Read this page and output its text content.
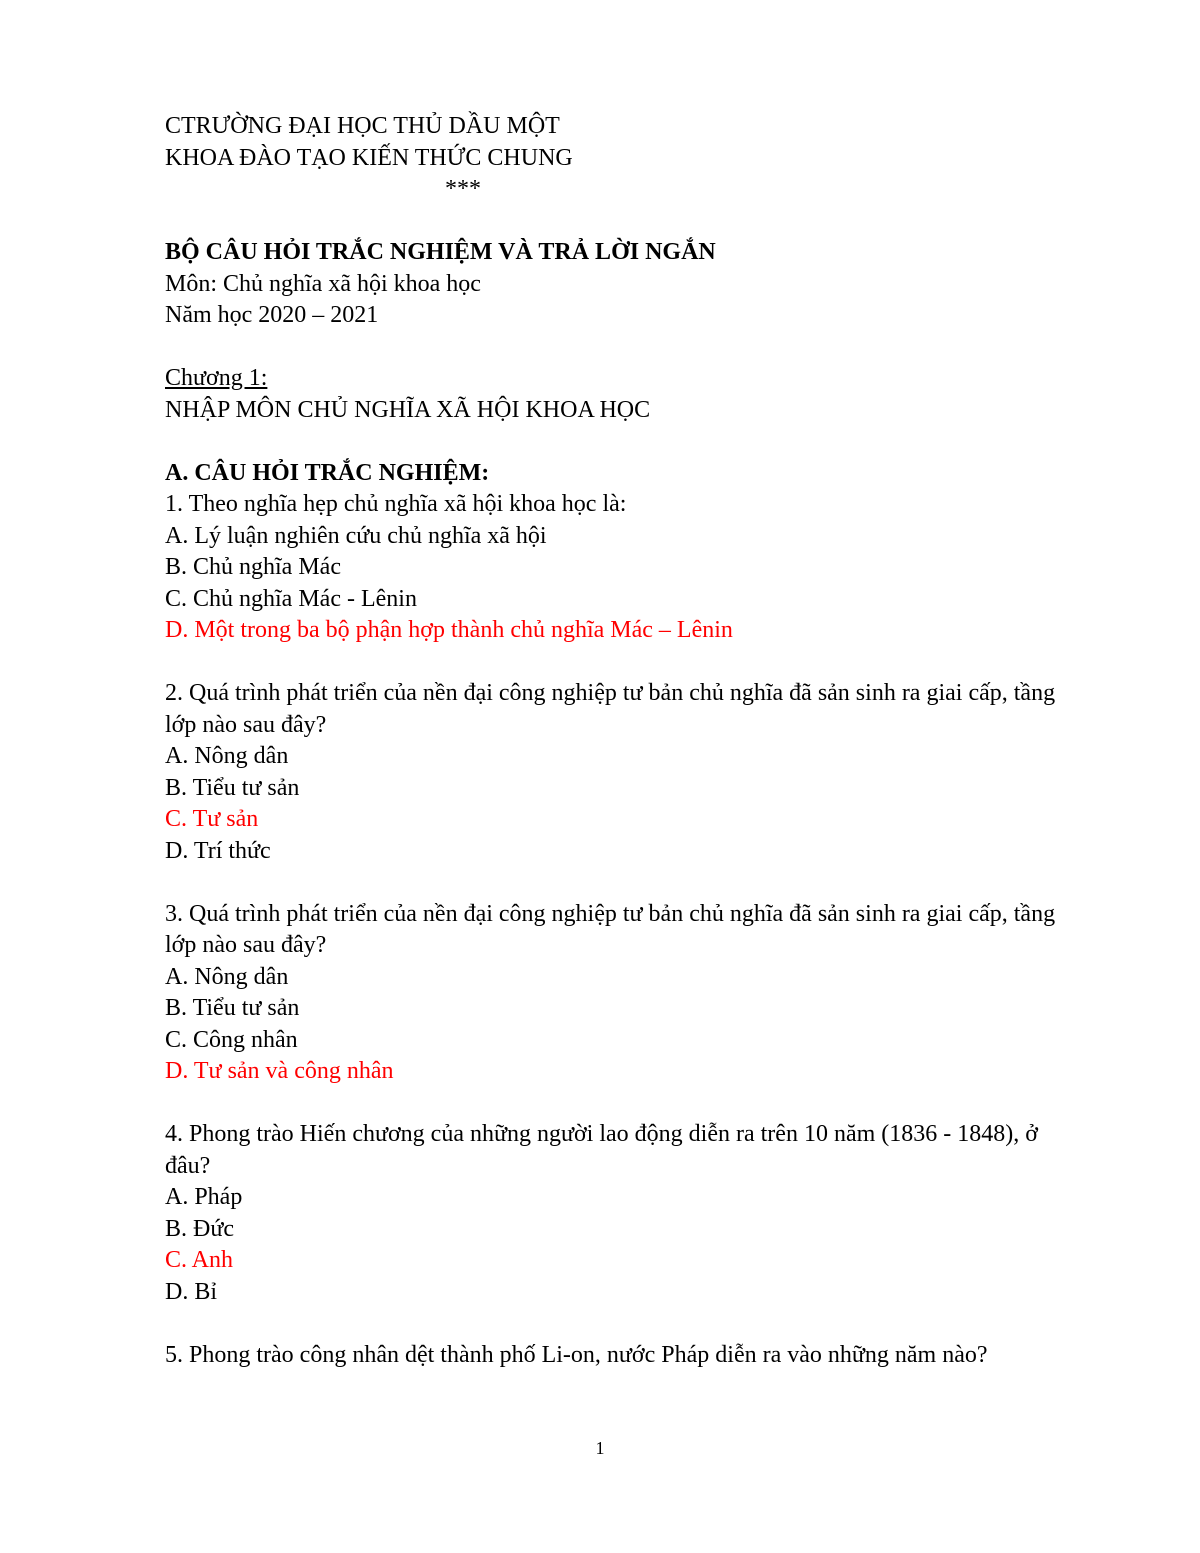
CTRƯỜNG ĐẠI HỌC THỦ DẦU MỘT
KHOA ĐÀO TẠO KIẾN THỨC CHUNG
***
BỘ CÂU HỎI TRẮC NGHIỆM VÀ TRẢ LỜI NGẮN
Môn: Chủ nghĩa xã hội khoa học
Năm học 2020 – 2021
Chương 1:
NHẬP MÔN CHỦ NGHĨA XÃ HỘI KHOA HỌC
A. CÂU HỎI TRẮC NGHIỆM:
1. Theo nghĩa hẹp chủ nghĩa xã hội khoa học là:
A. Lý luận nghiên cứu chủ nghĩa xã hội
B. Chủ nghĩa Mác
C. Chủ nghĩa Mác - Lênin
D. Một trong ba bộ phận hợp thành chủ nghĩa Mác – Lênin
2. Quá trình phát triển của nền đại công nghiệp tư bản chủ nghĩa đã sản sinh ra giai cấp, tầng lớp nào sau đây?
A. Nông dân
B. Tiểu tư sản
C. Tư sản
D. Trí thức
3. Quá trình phát triển của nền đại công nghiệp tư bản chủ nghĩa đã sản sinh ra giai cấp, tầng lớp nào sau đây?
A. Nông dân
B. Tiểu tư sản
C. Công nhân
D. Tư sản và công nhân
4. Phong trào Hiến chương của những người lao động diễn ra trên 10 năm (1836 - 1848), ở đâu?
A. Pháp
B. Đức
C. Anh
D. Bỉ
5. Phong trào công nhân dệt thành phố Li-on, nước Pháp diễn ra vào những năm nào?
1
